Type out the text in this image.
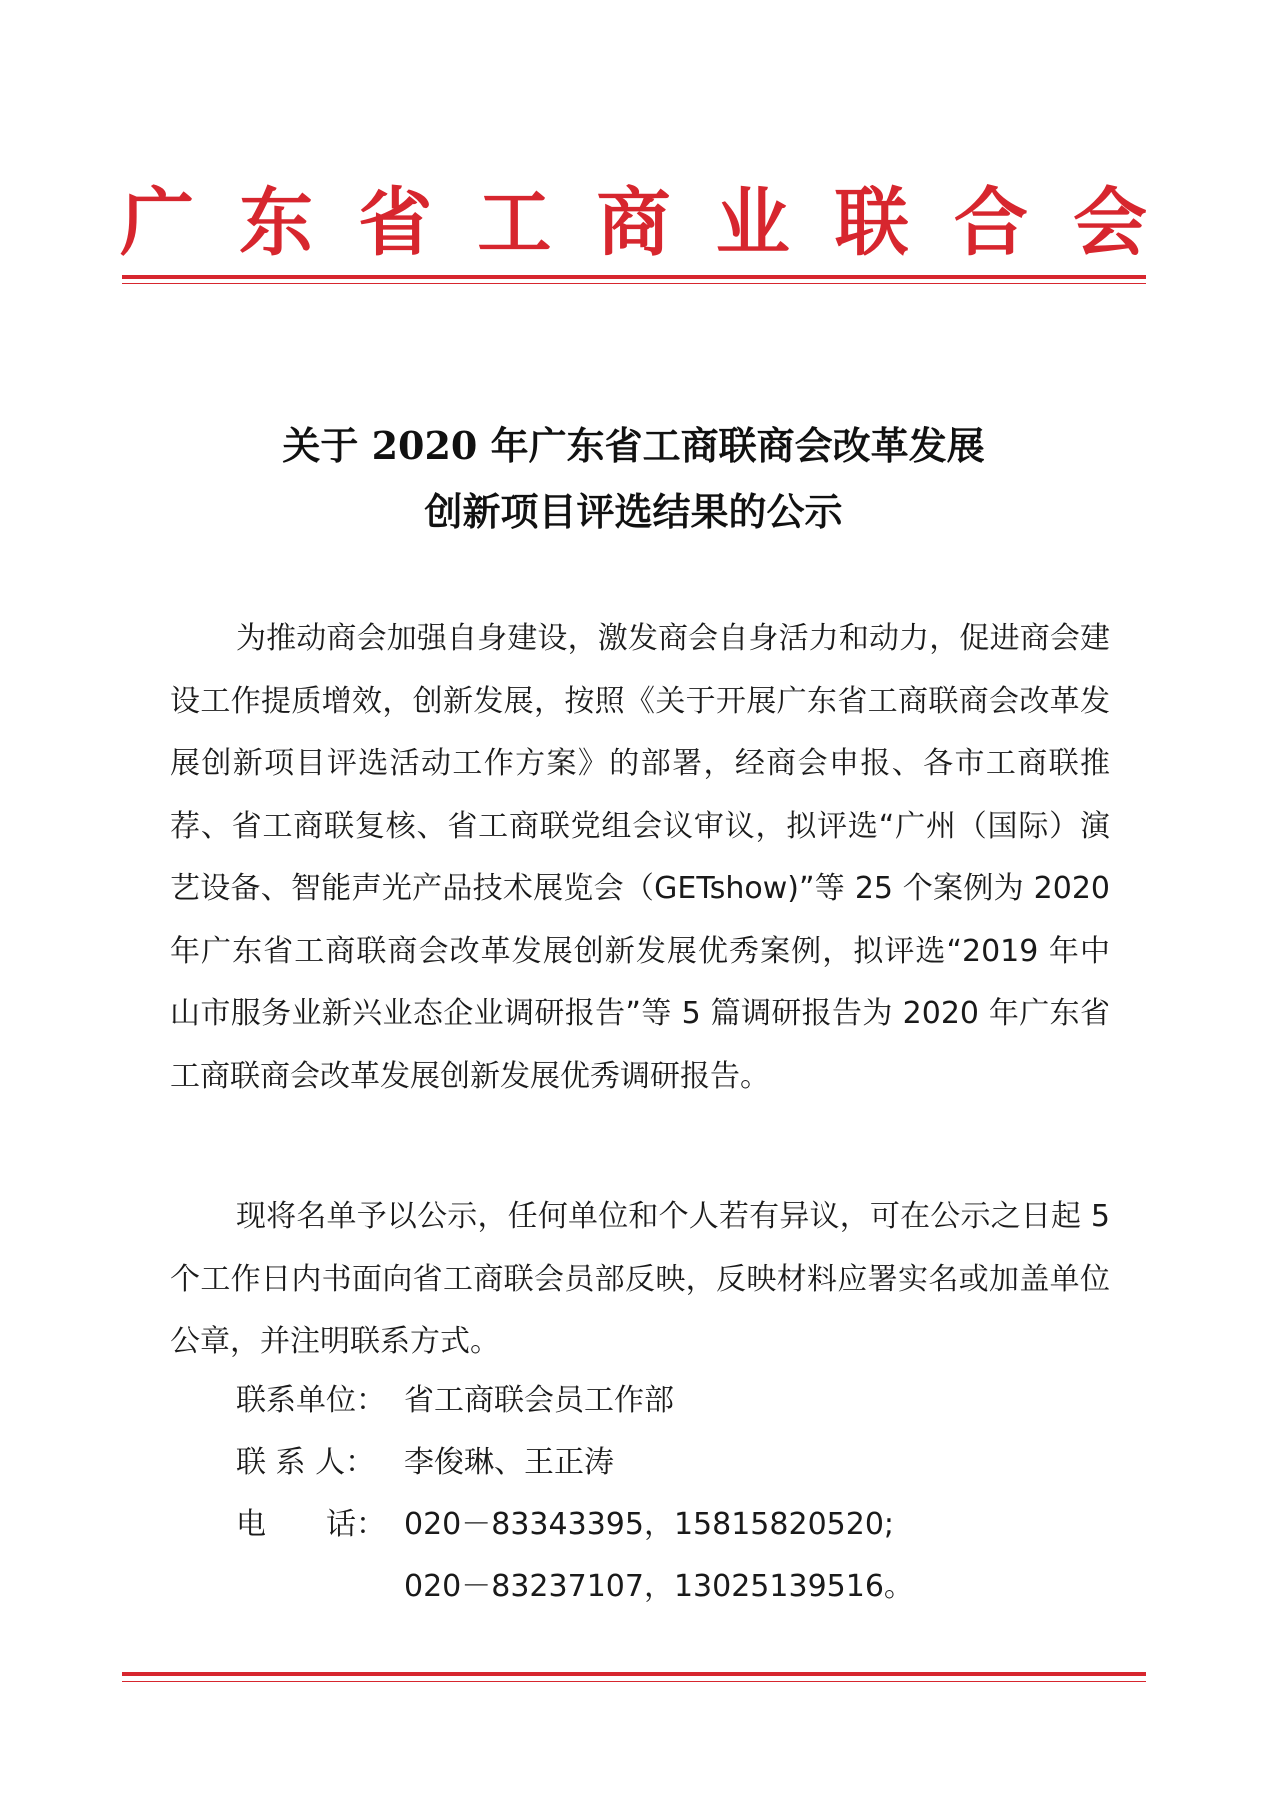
广 东 省 工 商 业 联 合 会
关于 2020 年广东省工商联商会改革发展
创新项目评选结果的公示

为推动商会加强自身建设，激发商会自身活力和动力，促进商会建设工作提质增效，创新发展，按照《关于开展广东省工商联商会改革发展创新项目评选活动工作方案》的部署，经商会申报、各市工商联推荐、省工商联复核、省工商联党组会议审议，拟评选“广州（国际）演艺设备、智能声光产品技术展览会（GETshow)”等 25 个案例为 2020 年广东省工商联商会改革发展创新发展优秀案例，拟评选“2019 年中山市服务业新兴业态企业调研报告”等 5 篇调研报告为 2020 年广东省工商联商会改革发展创新发展优秀调研报告。

现将名单予以公示，任何单位和个人若有异议，可在公示之日起 5 个工作日内书面向省工商联会员部反映，反映材料应署实名或加盖单位公章，并注明联系方式。

联系单位： 省工商联会员工作部
联 系 人： 李俊琳、王正涛
电　　话： 020－83343395，15815820520;
020－83237107，13025139516。
